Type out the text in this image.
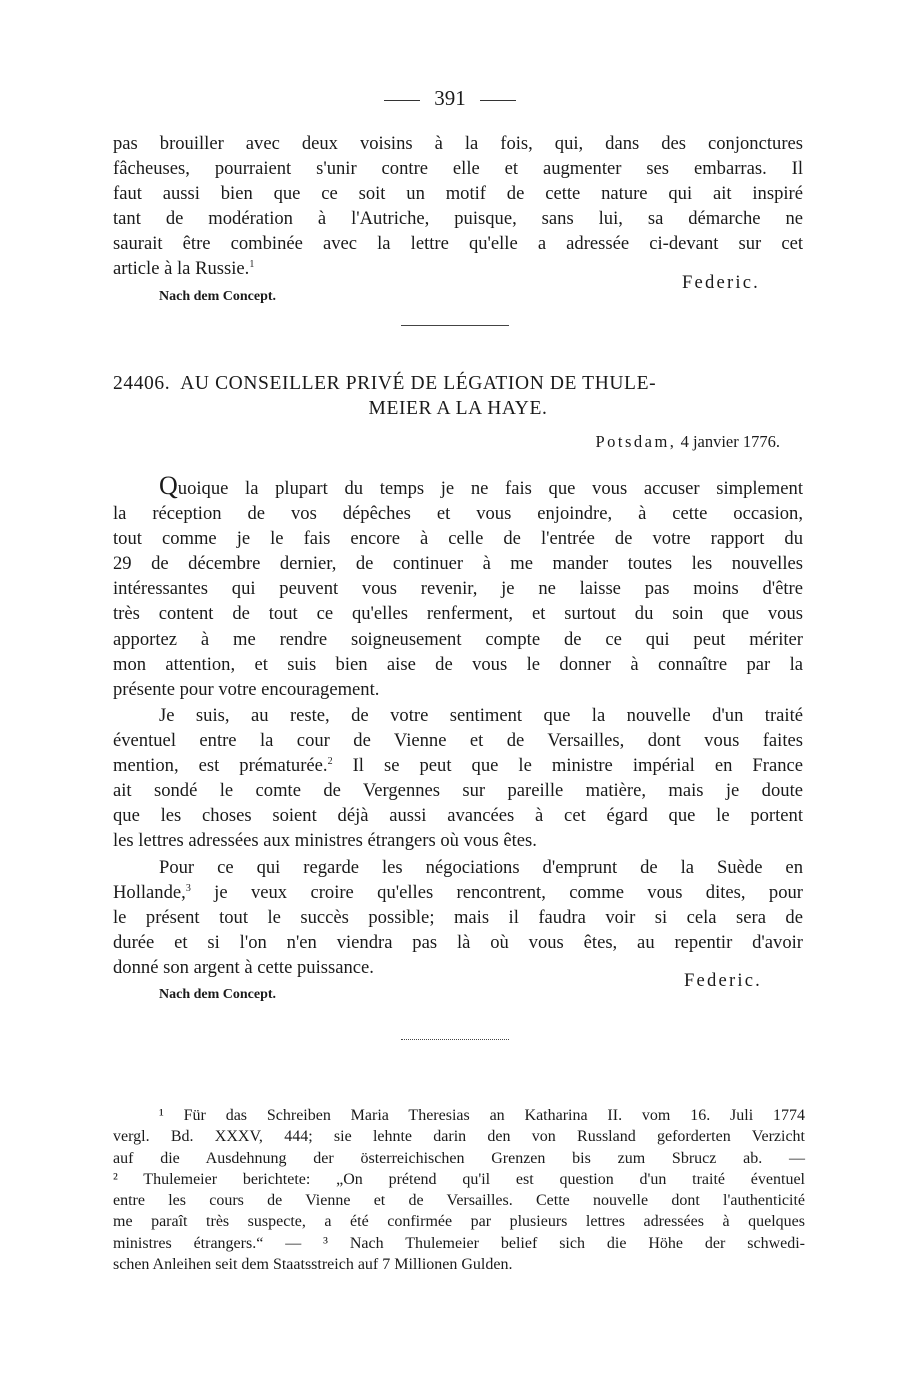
391

pas brouiller avec deux voisins à la fois, qui, dans des conjonctures

fâcheuses, pourraient s'unir contre elle et augmenter ses embarras. Il

faut aussi bien que ce soit un motif de cette nature qui ait inspiré

tant de modération à l'Autriche, puisque, sans lui, sa démarche ne

saurait être combinée avec la lettre qu'elle a adressée ci-devant sur cet

article à la Russie.$^1$

Federic.
Nach dem Concept.
24406. AU CONSEILLER PRIVÉ DE LÉGATION DE THULE-
MEIER A LA HAYE.
Potsdam, 4 janvier 1776.

Quoique la plupart du temps je ne fais que vous accuser simplement

la réception de vos dépêches et vous enjoindre, à cette occasion,

tout comme je le fais encore à celle de l'entrée de votre rapport du

29 de décembre dernier, de continuer à me mander toutes les nouvelles

intéressantes qui peuvent vous revenir, je ne laisse pas moins d'être

très content de tout ce qu'elles renferment, et surtout du soin que vous

apportez à me rendre soigneusement compte de ce qui peut mériter

mon attention, et suis bien aise de vous le donner à connaître par la

présente pour votre encouragement.

Je suis, au reste, de votre sentiment que la nouvelle d'un traité

éventuel entre la cour de Vienne et de Versailles, dont vous faites

mention, est prématurée.$^2$ Il se peut que le ministre impérial en France

ait sondé le comte de Vergennes sur pareille matière, mais je doute

que les choses soient déjà aussi avancées à cet égard que le portent

les lettres adressées aux ministres étrangers où vous êtes.

Pour ce qui regarde les négociations d'emprunt de la Suède en

Hollande,$^3$ je veux croire qu'elles rencontrent, comme vous dites, pour

le présent tout le succès possible; mais il faudra voir si cela sera de

durée et si l'on n'en viendra pas là où vous êtes, au repentir d'avoir

donné son argent à cette puissance.

Federic.
Nach dem Concept.
¹ Für das Schreiben Maria Theresias an Katharina II. vom 16. Juli 1774
vergl. Bd. XXXV, 444; sie lehnte darin den von Russland geforderten Verzicht
auf die Ausdehnung der österreichischen Grenzen bis zum Sbrucz ab. —
² Thulemeier berichtete: „On prétend qu'il est question d'un traité éventuel
entre les cours de Vienne et de Versailles. Cette nouvelle dont l'authenticité
me paraît très suspecte, a été confirmée par plusieurs lettres adressées à quelques
ministres étrangers.“ — ³ Nach Thulemeier belief sich die Höhe der schwedi-
schen Anleihen seit dem Staatsstreich auf 7 Millionen Gulden.
